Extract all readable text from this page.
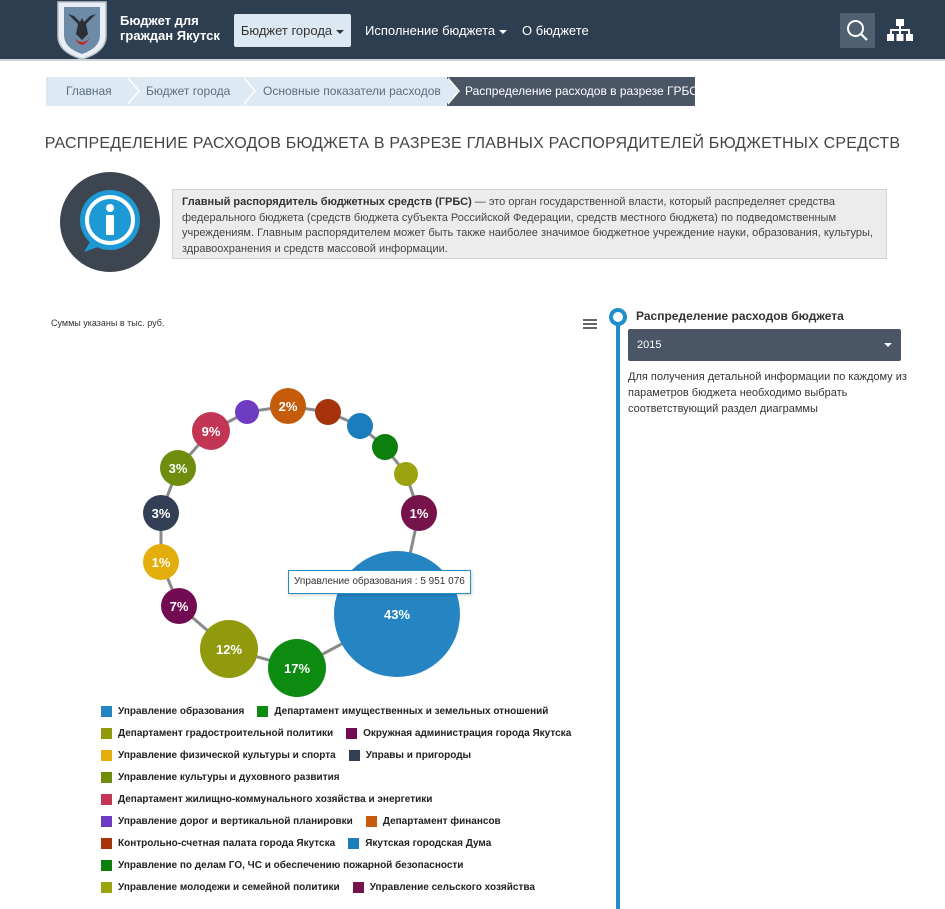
Бюджет для
граждан Якутск	Бюджет города	Исполнение бюджета	О бюджете
Главная	Бюджет города	Основные показатели расходов	Распределение расходов в разрезе ГРБС
РАСПРЕДЕЛЕНИЕ РАСХОДОВ БЮДЖЕТА В РАЗРЕЗЕ ГЛАВНЫХ РАСПОРЯДИТЕЛЕЙ БЮДЖЕТНЫХ СРЕДСТВ
Главный распорядитель бюджетных средств (ГРБС) — это орган государственной власти, который распределяет средства федерального бюджета (средств бюджета субъекта Российской Федерации, средств местного бюджета) по подведомственным учреждениям. Главным распорядителем может быть также наиболее значимое бюджетное учреждение науки, образования, культуры, здравоохранения и средств массовой информации.
Суммы указаны в тыс. руб.
43%
17%
12%
7%
1%
3%
3%
9%
2%
1%
Управление образования : 5 951 076
Управление образования	Департамент имущественных и земельных отношений
Департамент градостроительной политики	Окружная администрация города Якутска
Управление физической культуры и спорта	Управы и пригороды
Управление культуры и духовного развития
Департамент жилищно-коммунального хозяйства и энергетики
Управление дорог и вертикальной планировки	Департамент финансов
Контрольно-счетная палата города Якутска	Якутская городская Дума
Управление по делам ГО, ЧС и обеспечению пожарной безопасности
Управление молодежи и семейной политики	Управление сельского хозяйства
Распределение расходов бюджета
2015
Для получения детальной информации по каждому из параметров бюджета необходимо выбрать соответствующий раздел диаграммы
